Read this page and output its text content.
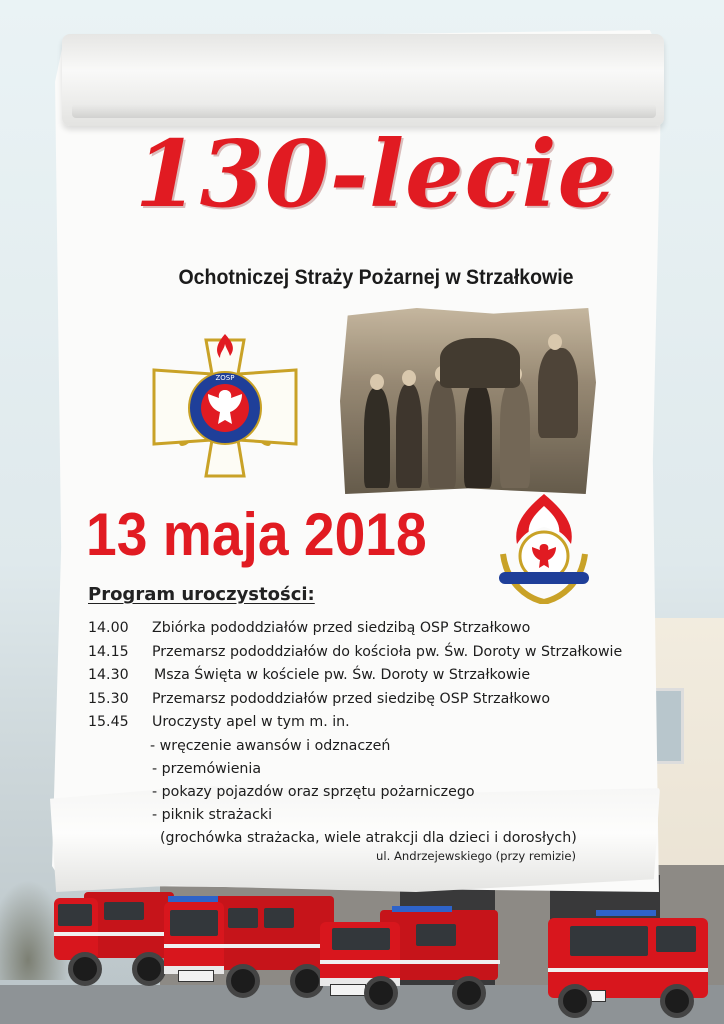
130-lecie
Ochotniczej Straży Pożarnej w Strzałkowie
ZOSP
13 maja 2018
Program uroczystości:
14.00 Zbiórka pododdziałów przed siedzibą OSP Strzałkowo
14.15 Przemarsz pododdziałów do kościoła pw. Św. Doroty w Strzałkowie
14.30 Msza Święta w kościele pw. Św. Doroty w Strzałkowie
15.30 Przemarsz pododdziałów przed siedzibę OSP Strzałkowo
15.45 Uroczysty apel w tym m. in.
- wręczenie awansów i odznaczeń
- przemówienia
- pokazy pojazdów oraz sprzętu pożarniczego
- piknik strażacki
(grochówka strażacka, wiele atrakcji dla dzieci i dorosłych)
ul. Andrzejewskiego (przy remizie)
